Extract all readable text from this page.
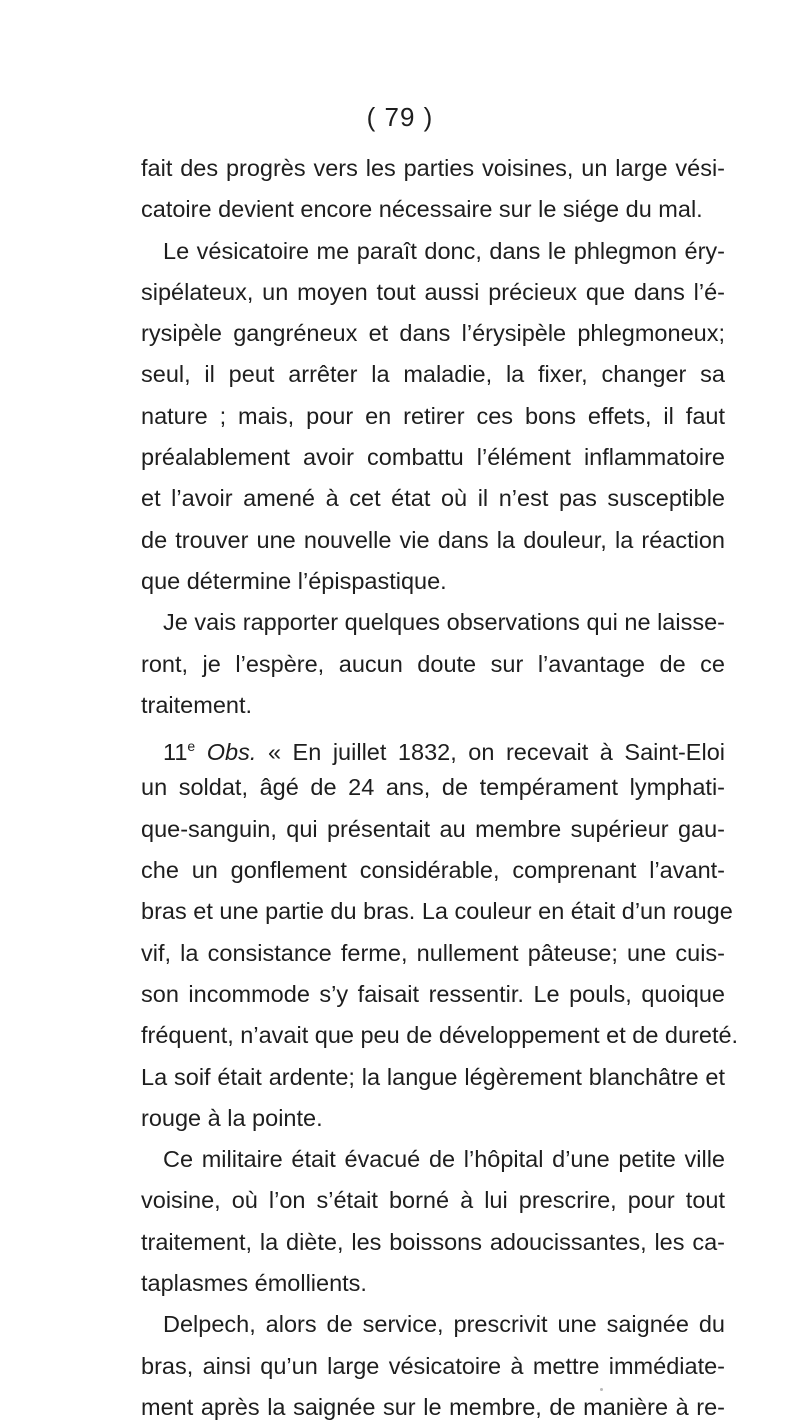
( 79 )
fait des progrès vers les parties voisines, un large vési-
catoire devient encore nécessaire sur le siége du mal.
Le vésicatoire me paraît donc, dans le phlegmon éry-
sipélateux, un moyen tout aussi précieux que dans l’é-
rysipèle gangréneux et dans l’érysipèle phlegmoneux;
seul, il peut arrêter la maladie, la fixer, changer sa
nature ; mais, pour en retirer ces bons effets, il faut
préalablement avoir combattu l’élément inflammatoire
et l’avoir amené à cet état où il n’est pas susceptible
de trouver une nouvelle vie dans la douleur, la réaction
que détermine l’épispastique.
Je vais rapporter quelques observations qui ne laisse-
ront, je l’espère, aucun doute sur l’avantage de ce
traitement.
11e Obs. « En juillet 1832, on recevait à Saint-Eloi
un soldat, âgé de 24 ans, de tempérament lymphati-
que-sanguin, qui présentait au membre supérieur gau-
che un gonflement considérable, comprenant l’avant-
bras et une partie du bras. La couleur en était d’un rouge
vif, la consistance ferme, nullement pâteuse; une cuis-
son incommode s’y faisait ressentir. Le pouls, quoique
fréquent, n’avait que peu de développement et de dureté.
La soif était ardente; la langue légèrement blanchâtre et
rouge à la pointe.
Ce militaire était évacué de l’hôpital d’une petite ville
voisine, où l’on s’était borné à lui prescrire, pour tout
traitement, la diète, les boissons adoucissantes, les ca-
taplasmes émollients.
Delpech, alors de service, prescrivit une saignée du
bras, ainsi qu’un large vésicatoire à mettre immédiate-
ment après la saignée sur le membre, de manière à re-
